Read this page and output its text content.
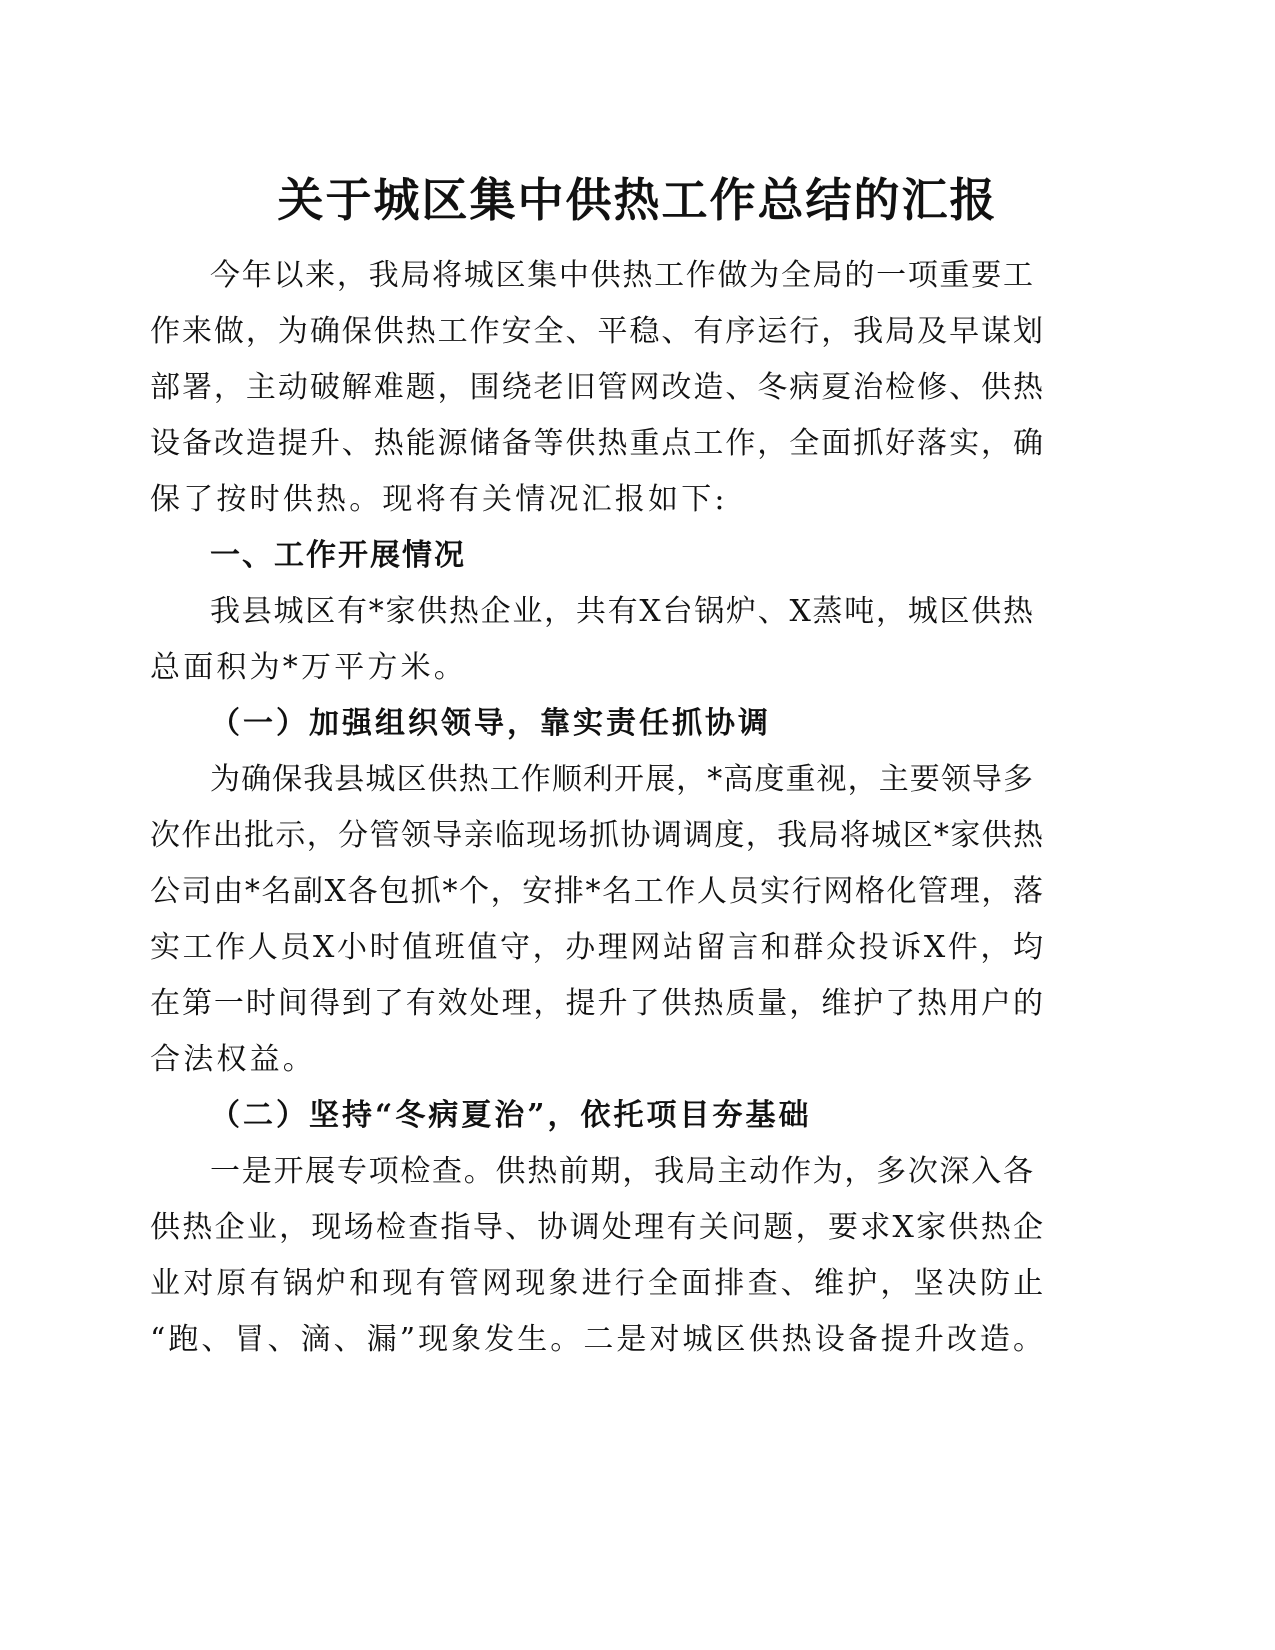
关于城区集中供热工作总结的汇报

今年以来，我局将城区集中供热工作做为全局的一项重要工

作来做，为确保供热工作安全、平稳、有序运行，我局及早谋划

部署，主动破解难题，围绕老旧管网改造、冬病夏治检修、供热

设备改造提升、热能源储备等供热重点工作，全面抓好落实，确

保了按时供热。现将有关情况汇报如下:

一、工作开展情况

我县城区有*家供热企业，共有X台锅炉、X蒸吨，城区供热

总面积为*万平方米。

（一）加强组织领导，靠实责任抓协调

为确保我县城区供热工作顺利开展，*高度重视，主要领导多

次作出批示，分管领导亲临现场抓协调调度，我局将城区*家供热

公司由*名副X各包抓*个，安排*名工作人员实行网格化管理，落

实工作人员X小时值班值守，办理网站留言和群众投诉X件，均

在第一时间得到了有效处理，提升了供热质量，维护了热用户的

合法权益。

（二）坚持“冬病夏治”，依托项目夯基础

一是开展专项检查。供热前期，我局主动作为，多次深入各

供热企业，现场检查指导、协调处理有关问题，要求X家供热企

业对原有锅炉和现有管网现象进行全面排查、维护，坚决防止

“跑、冒、滴、漏”现象发生。二是对城区供热设备提升改造。
